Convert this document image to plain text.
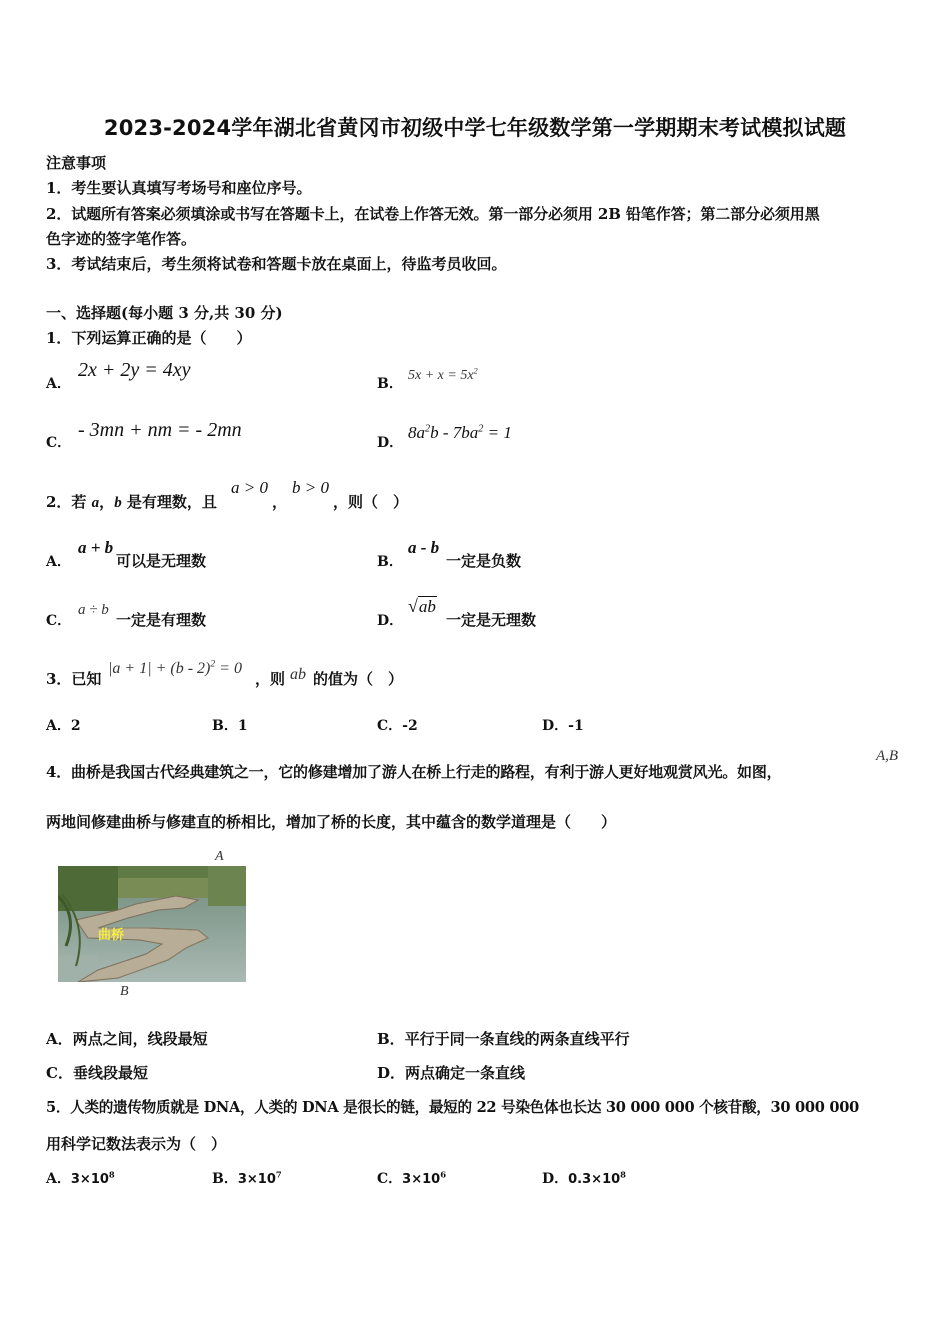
2023-2024学年湖北省黄冈市初级中学七年级数学第一学期期末考试模拟试题
注意事项
1．考生要认真填写考场号和座位序号。
2．试题所有答案必须填涂或书写在答题卡上，在试卷上作答无效。第一部分必须用 2B 铅笔作答；第二部分必须用黑
色字迹的签字笔作答。
3．考试结束后，考生须将试卷和答题卡放在桌面上，待监考员收回。
一、选择题(每小题 3 分,共 30 分)
1．下列运算正确的是（　　）
A．
2x + 2y = 4xy
B．
$5x + x = 5x^2$
C．
- 3mn + nm = - 2mn
D．
$8a^2b - 7ba^2 = 1$
2．若 a，b 是有理数，且
a > 0
，
b > 0
，则（　）
A．
a + b
可以是无理数	B．
a - b
一定是负数
C．
a ÷ b
一定是有理数	D．
√ab
一定是无理数
3．已知
|a + 1| + (b - 2)$^2$ = 0
，则 ab 的值为（　）
A．2	B．1	C．-2	D．-1
4．曲桥是我国古代经典建筑之一，它的修建增加了游人在桥上行走的路程，有利于游人更好地观赏风光。如图，
A,B
两地间修建曲桥与修建直的桥相比，增加了桥的长度，其中蕴含的数学道理是（　　）
A
曲桥
B
A．两点之间，线段最短	B．平行于同一条直线的两条直线平行
C．垂线段最短	D．两点确定一条直线
5．人类的遗传物质就是 DNA，人类的 DNA 是很长的链，最短的 22 号染色体也长达 30 000 000 个核苷酸，30 000 000
用科学记数法表示为（　）
A．$3\times 10^8$	B．$3\times 10^7$	C．$3\times 10^6$	D．$0.3\times 10^8$
